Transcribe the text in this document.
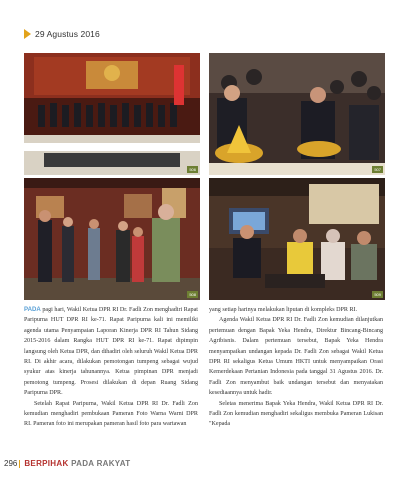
29 Agustus 2016
506	507
508	509

PADA pagi hari, Wakil Ketua DPR RI Dr. Fadli Zon menghadiri Rapat Paripurna HUT DPR RI ke-71. Rapat Paripurna kali ini memiliki agenda utama Penyampaian Laporan Kinerja DPR RI Tahun Sidang 2015-2016 dalam Rangka HUT DPR RI ke-71. Rapat dipimpin langsung oleh Ketua DPR, dan dihadiri oleh seluruh Wakil Ketua DPR RI. Di akhir acara, dilakukan pemotongan tumpeng sebagai wujud syukur atas kinerja tahunannya. Ketua pimpinan DPR menjadi pemotong tumpeng. Prosesi dilakukan di depan Ruang Sidang Paripurna DPR.

Setelah Rapat Paripurna, Wakil Ketua DPR RI Dr. Fadli Zon kemudian menghadiri pembukaan Pameran Foto Warna Warni DPR RI. Pameran foto ini merupakan pameran hasil foto para wartawan

yang setiap harinya melakukan liputan di kompleks DPR RI.

Agenda Wakil Ketua DPR RI Dr. Fadli Zon kemudian dilanjutkan pertemuan dengan Bapak Yeka Hendra, Direktur Bincang-Bincang Agribisnis. Dalam pertemuan tersebut, Bapak Yeka Hendra menyampaikan undangan kepada Dr. Fadli Zon sebagai Wakil Ketua DPR RI sekaligus Ketua Umum HKTI untuk menyampaikan Orasi Kemerdekaan Pertanian Indonesia pada tanggal 31 Agustus 2016. Dr. Fadli Zon menyambut baik undangan tersebut dan menyatakan kesediaannya untuk hadir.

Seletas menerima Bapak Yeka Hendra, Wakil Ketua DPR RI Dr. Fadli Zon kemudian menghadiri sekaligus membuka Pameran Lukisan "Kepada

296 BERPIHAK PADA RAKYAT
